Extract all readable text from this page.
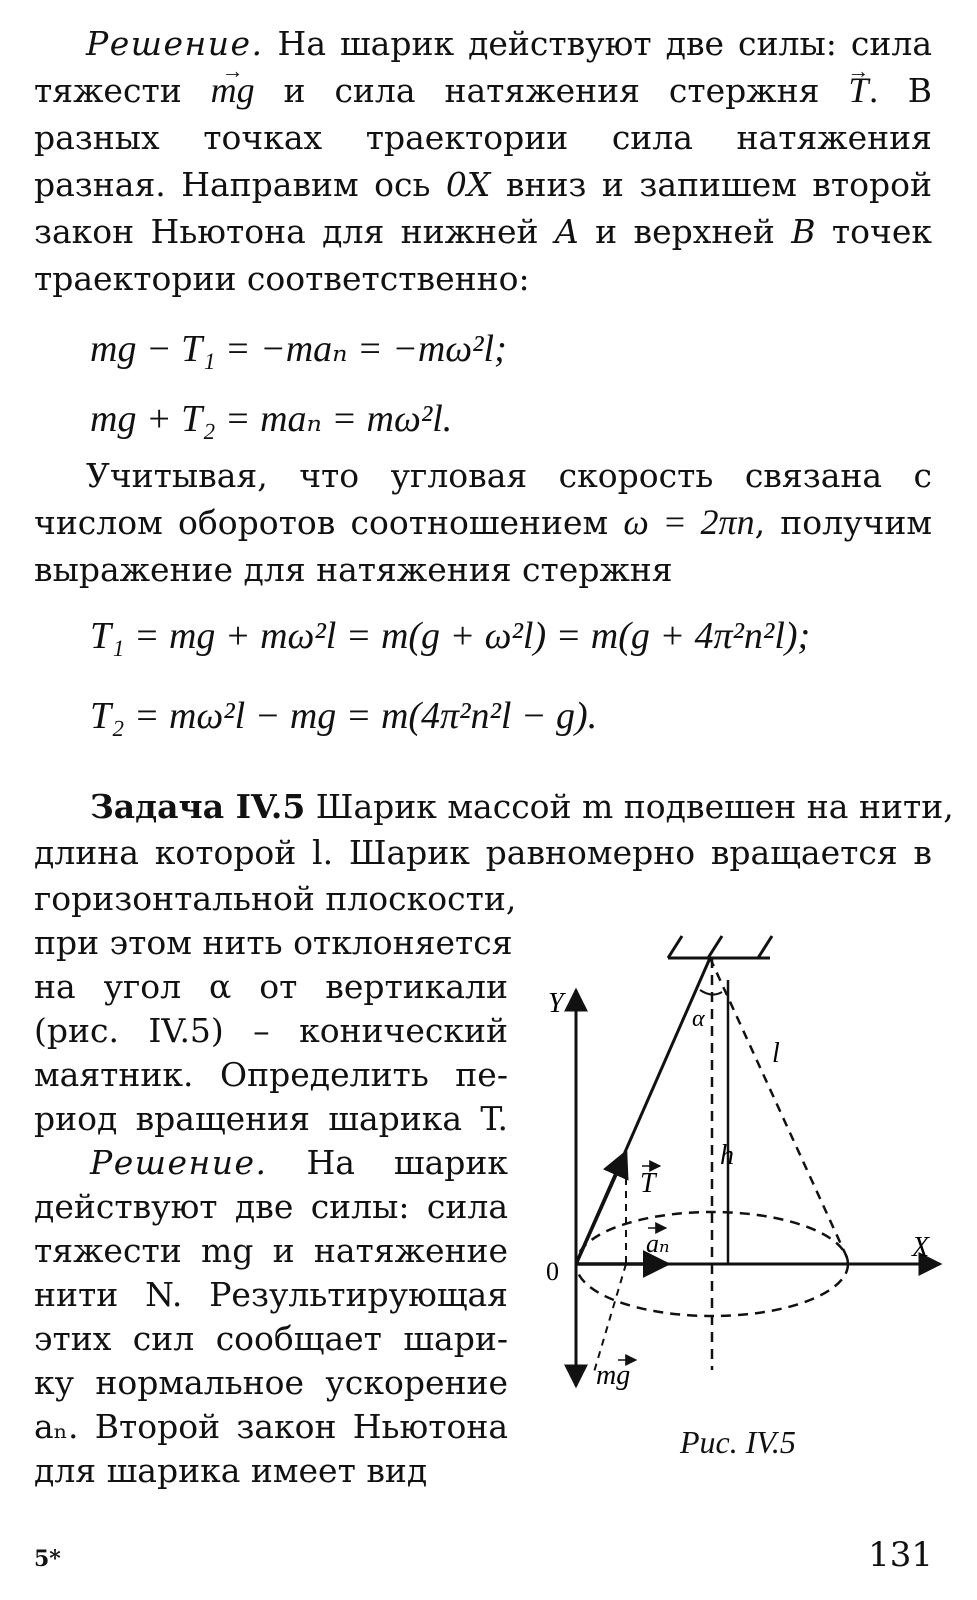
Решение. На шарик действуют две силы: сила тяжести → mg и сила натяжения стержня → T. В разных точках траектории сила натяжения разная. Направим ось 0X вниз и запишем второй закон Ньютона для нижней A и верхней B точек траектории соответственно:
mg − T₁ = −maₙ = −mω²l;
mg + T₂ = maₙ = mω²l.
Учитывая, что угловая скорость связана с числом оборотов соотношением ω = 2πn, получим выражение для натяжения стержня
T₁ = mg + mω²l = m(g + ω²l) = m(g + 4π²n²l);
T₂ = mω²l − mg = m(4π²n²l − g).
Задача IV.5 Шарик массой m подвешен на нити,
длина которой l. Шарик равномерно вращается в
горизонтальной плоскости,
при этом нить отклоняется
на угол α от вертикали
(рис. IV.5) – конический
маятник. Определить пе-
риод вращения шарика T.
Решение. На шарик
действуют две силы: сила
тяжести mg и натяжение
нити N. Результирующая
этих сил сообщает шари-
ку нормальное ускорение
aₙ. Второй закон Ньютона
для шарика имеет вид
Y
X
0
α
l
h
T
aₙ
mg
Рис. IV.5
5*	131
